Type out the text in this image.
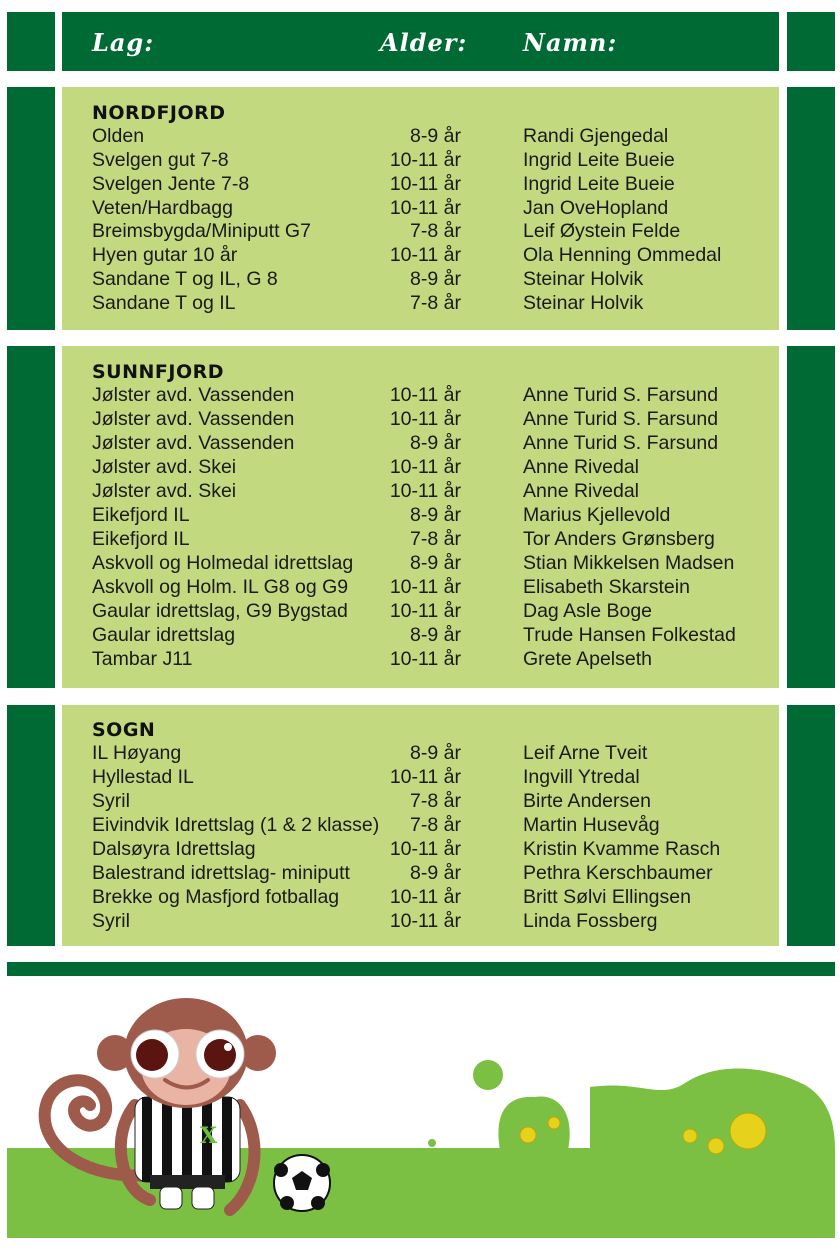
Lag:	Alder: Namn:
NORDFJORD
Olden	8-9 år	Randi Gjengedal
Svelgen gut 7-8	10-11 år	Ingrid Leite Bueie
Svelgen Jente 7-8	10-11 år	Ingrid Leite Bueie
Veten/Hardbagg	10-11 år	Jan OveHopland
Breimsbygda/Miniputt G7	7-8 år	Leif Øystein Felde
Hyen gutar 10 år	10-11 år	Ola Henning Ommedal
Sandane T og IL, G 8	8-9 år	Steinar Holvik
Sandane T og IL	7-8 år	Steinar Holvik
SUNNFJORD
Jølster avd. Vassenden	10-11 år	Anne Turid S. Farsund
Jølster avd. Vassenden	10-11 år	Anne Turid S. Farsund
Jølster avd. Vassenden	8-9 år	Anne Turid S. Farsund
Jølster avd. Skei	10-11 år	Anne Rivedal
Jølster avd. Skei	10-11 år	Anne Rivedal
Eikefjord IL	8-9 år	Marius Kjellevold
Eikefjord IL	7-8 år	Tor Anders Grønsberg
Askvoll og Holmedal idrettslag	8-9 år	Stian Mikkelsen Madsen
Askvoll og Holm. IL G8 og G9 10-11 år	Elisabeth Skarstein
Gaular idrettslag, G9 Bygstad 10-11 år	Dag Asle Boge
Gaular idrettslag	8-9 år	Trude Hansen Folkestad
Tambar J11	10-11 år	Grete Apelseth
SOGN
IL Høyang	8-9 år	Leif Arne Tveit
Hyllestad IL	10-11 år	Ingvill Ytredal
Syril	7-8 år	Birte Andersen
Eivindvik Idrettslag (1 & 2 klasse) 7-8 år	Martin Husevåg
Dalsøyra Idrettslag	10-11 år	Kristin Kvamme Rasch
Balestrand idrettslag- miniputt	8-9 år	Pethra Kerschbaumer
Brekke og Masfjord fotballag	10-11 år	Britt Sølvi Ellingsen
Syril	10-11 år	Linda Fossberg
X
